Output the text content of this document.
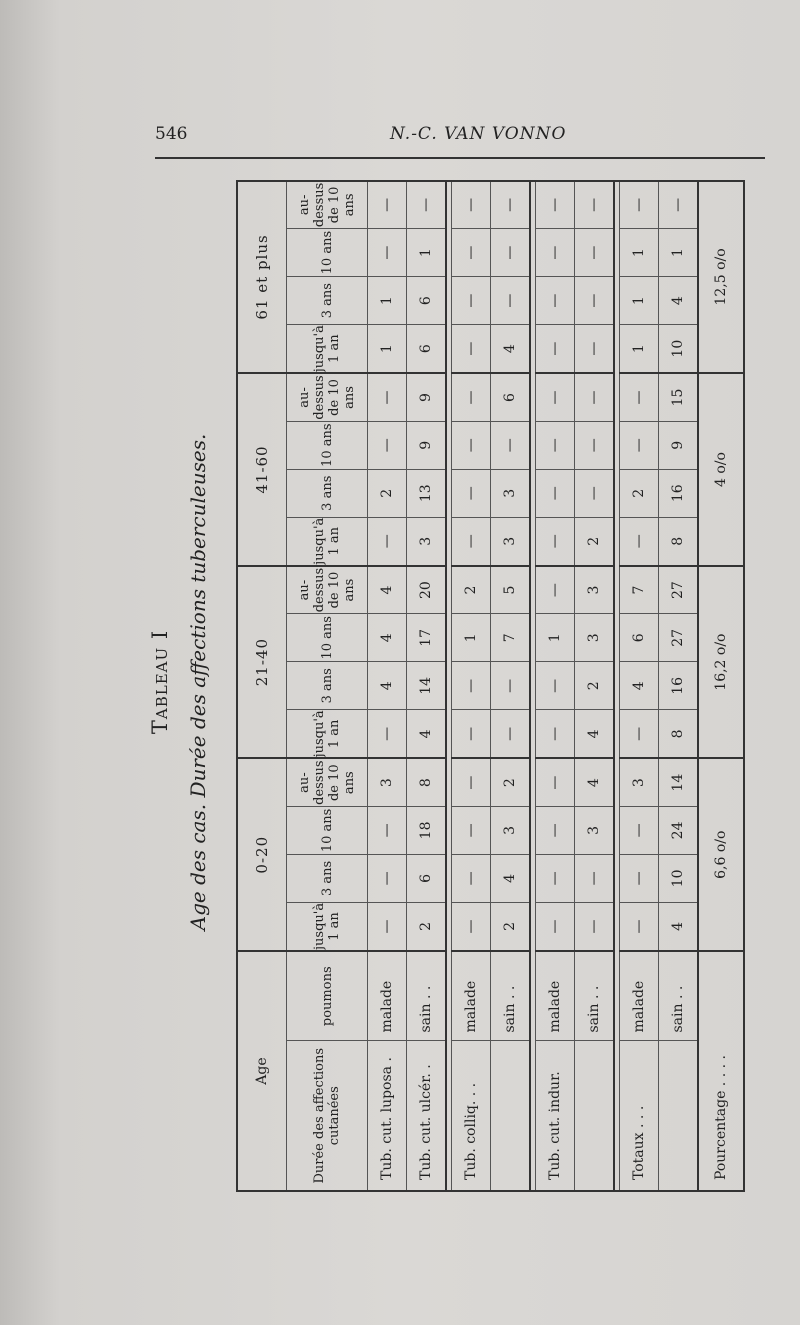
546	N.-C. VAN VONNO
Tableau I Age des cas. Durée des affections tuberculeuses.
Age		0-20				21-40				41-60				61 et plus			
Durée des affections cutanées	poumons	jusqu'à 1 an	3 ans	10 ans	au-dessus de 10 ans	jusqu'à 1 an	3 ans	10 ans	au-dessus de 10 ans	jusqu'à 1 an	3 ans	10 ans	au-dessus de 10 ans	jusqu'à 1 an	3 ans	10 ans	au-dessus de 10 ans
Tub. cut. luposa .	malade	—	—	—	3	—	4	4	4	—	2	—	—	1	1	—	—
Tub. cut. ulcér. .	sain . .	2	6	18	8	4	14	17	20	3	13	9	9	6	6	1	—

Tub. colliq. . .	malade	—	—	—	—	—	—	1	2	—	—	—	—	—	—	—	—
	sain . .	2	4	3	2	—	—	7	5	3	3	—	6	4	—	—	—

Tub. cut. indur.	malade	—	—	—	—	—	—	1	—	—	—	—	—	—	—	—	—
	sain . .	—	—	3	4	4	2	3	3	2	—	—	—	—	—	—	—

Totaux . . .	malade	—	—	—	3	—	4	6	7	—	2	—	—	1	1	1	—
	sain . .	4	10	24	14	8	16	27	27	8	16	9	15	10	4	1	—
Pourcentage . . . .		6,6 o/o				16,2 o/o				4 o/o				12,5 o/o			
